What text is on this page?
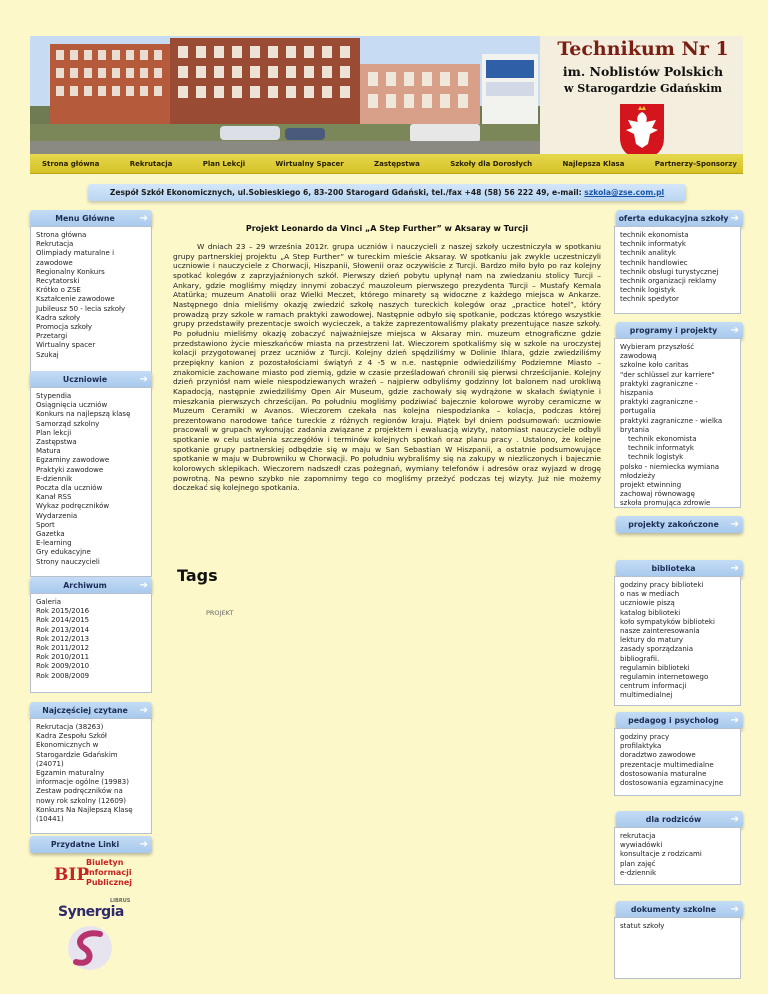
Technikum Nr 1
im. Noblistów Polskich
w Starogardzie Gdańskim
Strona główna	Rekrutacja	Plan Lekcji	Wirtualny Spacer	Zastępstwa	Szkoły dla Dorosłych	Najlepsza Klasa	Partnerzy-Sponsorzy
Zespół Szkół Ekonomicznych, ul.Sobieskiego 6, 83-200 Starogard Gdański, tel./fax +48 (58) 56 222 49, e-mail: szkola@zse.com.pl
Menu Główne ➔
Strona główna
Rekrutacja
Olimpiady maturalne i
zawodowe
Regionalny Konkurs
Recytatorski
Krótko o ZSE
Kształcenie zawodowe
Jubileusz 50 - lecia szkoły
Kadra szkoły
Promocja szkoły
Przetargi
Wirtualny spacer
Szukaj
Uczniowie	➔
Stypendia
Osiągnięcia uczniów
Konkurs na najlepszą klasę
Samorząd szkolny
Plan lekcji
Zastępstwa
Matura
Egzaminy zawodowe
Praktyki zawodowe
E-dziennik
Poczta dla uczniów
Kanał RSS
Wykaz podręczników
Wydarzenia
Sport
Gazetka
E-learning
Gry edukacyjne
Strony nauczycieli
Archiwum	➔
Galeria
Rok 2015/2016
Rok 2014/2015
Rok 2013/2014
Rok 2012/2013
Rok 2011/2012
Rok 2010/2011
Rok 2009/2010
Rok 2008/2009
Najczęściej czytane ➔
Rekrutacja (38263)
Kadra Zespołu Szkół
Ekonomicznych w
Starogardzie Gdańskim
(24071)
Egzamin maturalny
informacje ogólne (19983)
Zestaw podręczników na
nowy rok szkolny (12609)
Konkurs Na Najlepszą Klasę
(10441)
Przydatne Linki ➔
BIP
Biuletyn
Informacji
Publicznej
LIBRUS
Synergia
Projekt Leonardo da Vinci „A Step Further” w Aksaray w Turcji
W dniach 23 – 29 września 2012r. grupa uczniów i nauczycieli z naszej szkoły uczestniczyła w spotkaniu grupy partnerskiej projektu „A Step Further” w tureckim mieście Aksaray. W spotkaniu jak zwykle uczestniczyli uczniowie i nauczyciele z Chorwacji, Hiszpanii, Słowenii oraz oczywiście z Turcji. Bardzo miło było po raz kolejny spotkać kolegów z zaprzyjaźnionych szkół. Pierwszy dzień pobytu upłynął nam na zwiedzaniu stolicy Turcji – Ankary, gdzie mogliśmy między innymi zobaczyć mauzoleum pierwszego prezydenta Turcji – Mustafy Kemala Atatürka; muzeum Anatolii oraz Wielki Meczet, którego minarety są widoczne z każdego miejsca w Ankarze. Następnego dnia mieliśmy okazję zwiedzić szkołę naszych tureckich kolegów oraz „practice hotel”, który prowadzą przy szkole w ramach praktyki zawodowej. Następnie odbyło się spotkanie, podczas którego wszystkie grupy przedstawiły prezentacje swoich wycieczek, a także zaprezentowaliśmy plakaty prezentujące nasze szkoły. Po południu mieliśmy okazję zobaczyć najważniejsze miejsca w Aksaray min. muzeum etnograficzne gdzie przedstawiono życie mieszkańców miasta na przestrzeni lat. Wieczorem spotkaliśmy się w szkole na uroczystej kolacji przygotowanej przez uczniów z Turcji. Kolejny dzień spędziliśmy w Dolinie Ihlara, gdzie zwiedziliśmy przepiękny kanion z pozostałościami świątyń z 4 -5 w n.e. następnie odwiedziliśmy Podziemne Miasto – znakomicie zachowane miasto pod ziemią, gdzie w czasie prześladowań chronili się pierwsi chrześcijanie. Kolejny dzień przyniósł nam wiele niespodziewanych wrażeń – najpierw odbyliśmy godzinny lot balonem nad urokliwą Kapadocją, następnie zwiedziliśmy Open Air Museum, gdzie zachowały się wydrążone w skałach świątynie i mieszkania pierwszych chrześcijan. Po południu mogliśmy podziwiać bajecznie kolorowe wyroby ceramiczne w Muzeum Ceramiki w Avanos. Wieczorem czekała nas kolejna niespodzianka – kolacja, podczas której prezentowano narodowe tańce tureckie z różnych regionów kraju. Piątek był dniem podsumowań: uczniowie pracowali w grupach wykonując zadania związane z projektem i ewaluacją wizyty, natomiast nauczyciele odbyli spotkanie w celu ustalenia szczegółów i terminów kolejnych spotkań oraz planu pracy . Ustalono, że kolejne spotkanie grupy partnerskiej odbędzie się w maju w San Sebastian W Hiszpanii, a ostatnie podsumowujące spotkanie w maju w Dubrowniku w Chorwacji. Po południu wybraliśmy się na zakupy w niezliczonych i bajecznie kolorowych sklepikach. Wieczorem nadszedł czas pożegnań, wymiany telefonów i adresów oraz wyjazd w drogę powrotną. Na pewno szybko nie zapomnimy tego co mogliśmy przeżyć podczas tej wizyty. Już nie możemy doczekać się kolejnego spotkania.
Tags
PROJEKT
oferta edukacyjna szkoły ➔
technik ekonomista
technik informatyk
technik analityk
technik handlowiec
technik obsługi turystycznej
technik organizacji reklamy
technik logistyk
technik spedytor
programy i projekty ➔
Wybieram przyszłość
zawodową
szkolne koło caritas
"der schlüssel zur karriere"
praktyki zagraniczne -
hiszpania
praktyki zagraniczne -
portugalia
praktyki zagraniczne - wielka
brytania
technik ekonomista
technik informatyk
technik logistyk
polsko - niemiecka wymiana
młodzieży
projekt etwinning
zachowaj równowagę
szkoła promująca zdrowie
projekty zakończone ➔
biblioteka	➔
godziny pracy biblioteki
o nas w mediach
uczniowie piszą
katalog biblioteki
koło sympatyków biblioteki
nasze zainteresowania
lektury do matury
zasady sporządzania
bibliografii.
regulamin biblioteki
regulamin internetowego
centrum informacji
multimedialnej
pedagog i psycholog ➔
godziny pracy
profilaktyka
doradztwo zawodowe
prezentacje multimedialne
dostosowania maturalne
dostosowania egzaminacyjne
dla rodziców	➔
rekrutacja
wywiadówki
konsultacje z rodzicami
plan zajęć
e-dziennik
dokumenty szkolne ➔
statut szkoły
